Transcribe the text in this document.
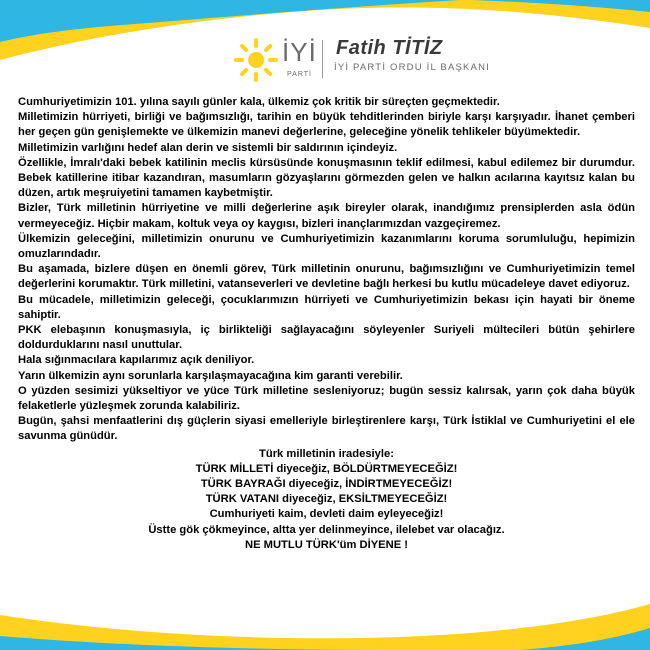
İYİ
PARTİ
Fatih TİTİZ
İYİ PARTİ ORDU İL BAŞKANI

Cumhuriyetimizin 101. yılına sayılı günler kala, ülkemiz çok kritik bir süreçten geçmektedir.

Milletimizin hürriyeti, birliği ve bağımsızlığı, tarihin en büyük tehditlerinden biriyle karşı karşıyadır. İhanet çemberi her geçen gün genişlemekte ve ülkemizin manevi değerlerine, geleceğine yönelik tehlikeler büyümektedir.

Milletimizin varlığını hedef alan derin ve sistemli bir saldırının içindeyiz.

Özellikle, İmralı'daki bebek katilinin meclis kürsüsünde konuşmasının teklif edilmesi, kabul edilemez bir durumdur. Bebek katillerine itibar kazandıran, masumların gözyaşlarını görmezden gelen ve halkın acılarına kayıtsız kalan bu düzen, artık meşruiyetini tamamen kaybetmiştir.

Bizler, Türk milletinin hürriyetine ve milli değerlerine aşık bireyler olarak, inandığımız prensiplerden asla ödün vermeyeceğiz. Hiçbir makam, koltuk veya oy kaygısı, bizleri inançlarımızdan vazgeçiremez.

Ülkemizin geleceğini, milletimizin onurunu ve Cumhuriyetimizin kazanımlarını koruma sorumluluğu, hepimizin omuzlarındadır.

Bu aşamada, bizlere düşen en önemli görev, Türk milletinin onurunu, bağımsızlığını ve Cumhuriyetimizin temel değerlerini korumaktır. Türk milletini, vatanseverleri ve devletine bağlı herkesi bu kutlu mücadeleye davet ediyoruz.

Bu mücadele, milletimizin geleceği, çocuklarımızın hürriyeti ve Cumhuriyetimizin bekası için hayati bir öneme sahiptir.

PKK elebaşının konuşmasıyla, iç birlikteliği sağlayacağını söyleyenler Suriyeli mültecileri bütün şehirlere doldurduklarını nasıl unuttular.

Hala sığınmacılara kapılarımız açık deniliyor.

Yarın ülkemizin aynı sorunlarla karşılaşmayacağına kim garanti verebilir.

O yüzden sesimizi yükseltiyor ve yüce Türk milletine sesleniyoruz; bugün sessiz kalırsak, yarın çok daha büyük felaketlerle yüzleşmek zorunda kalabiliriz.

Bugün, şahsi menfaatlerini dış güçlerin siyasi emelleriyle birleştirenlere karşı, Türk İstiklal ve Cumhuriyetini el ele savunma günüdür.

Türk milletinin iradesiyle:
TÜRK MİLLETİ diyeceğiz, BÖLDÜRTMEYECEĞİZ!
TÜRK BAYRAĞI diyeceğiz, İNDİRTMEYECEĞİZ!
TÜRK VATANI diyeceğiz, EKSİLTMEYECEĞİZ!
Cumhuriyeti kaim, devleti daim eyleyeceğiz!
Üstte gök çökmeyince, altta yer delinmeyince, ilelebet var olacağız.
NE MUTLU TÜRK'üm DİYENE !
